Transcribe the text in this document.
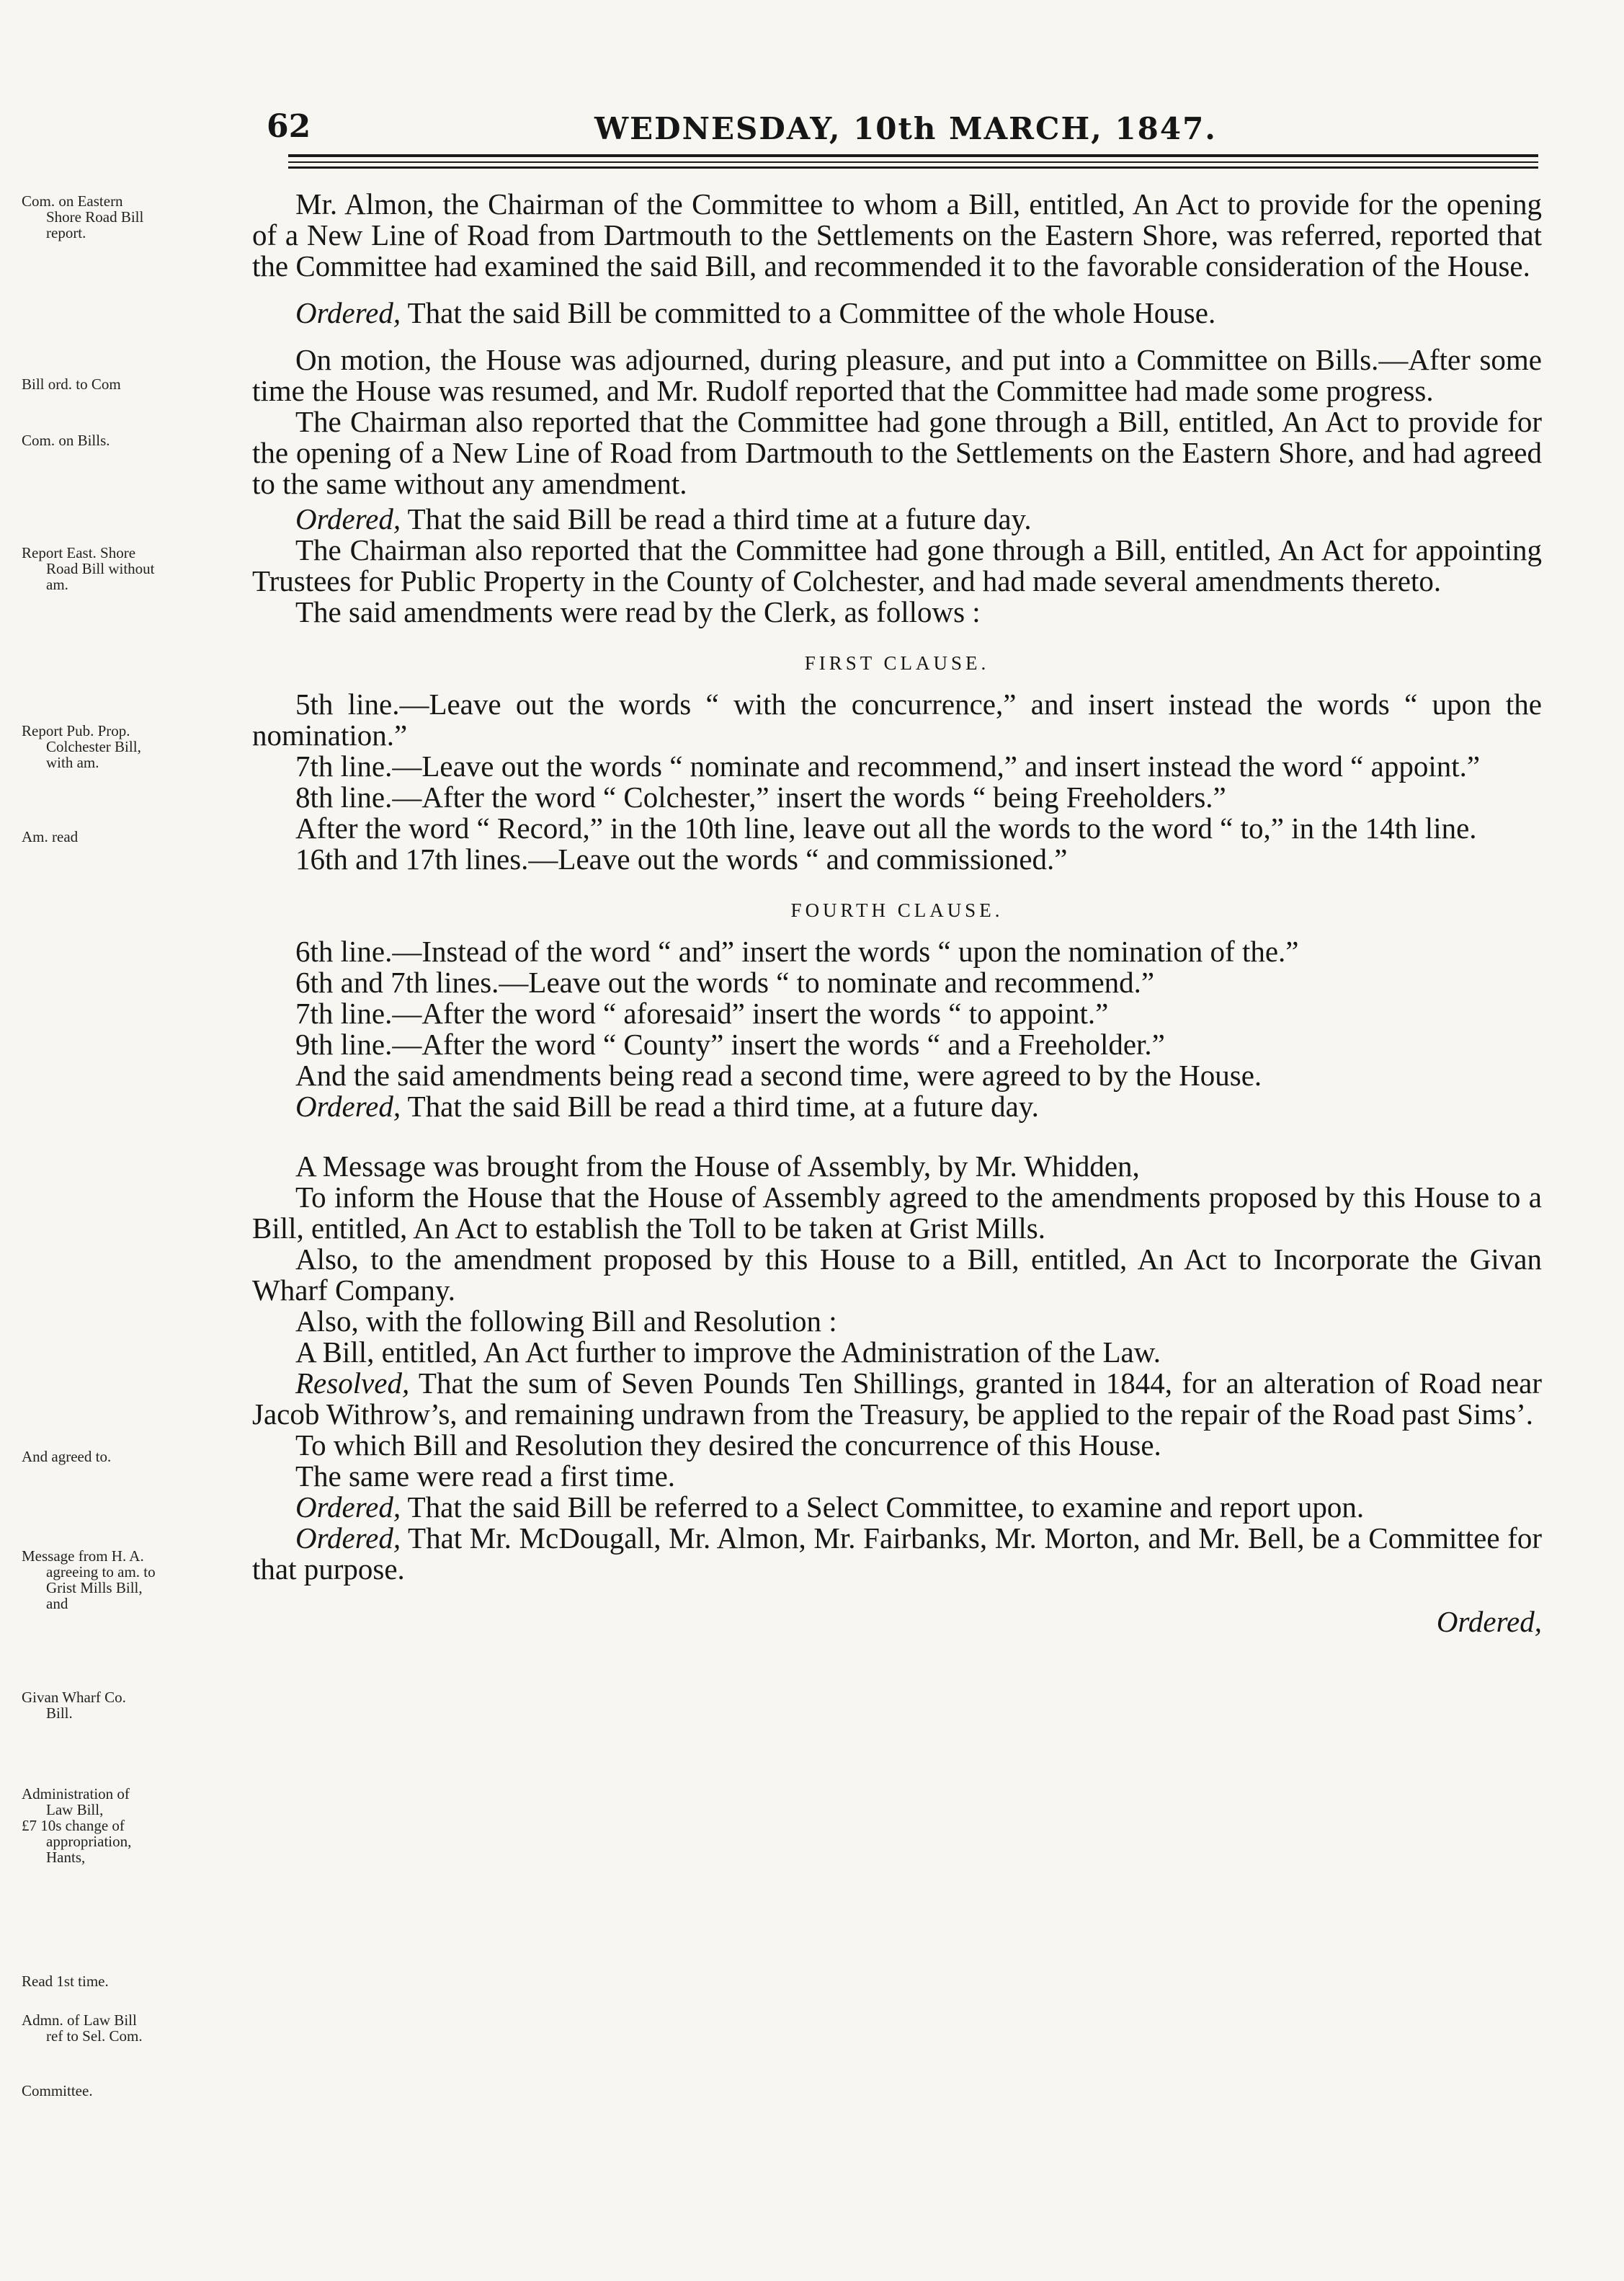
62	WEDNESDAY, 10th MARCH, 1847.
Com. on Eastern
Shore Road Bill
report.
Bill ord. to Com
Com. on Bills.
Report East. Shore
Road Bill without
am.
Report Pub. Prop.
Colchester Bill,
with am.
Am. read
And agreed to.
Message from H. A.
agreeing to am. to
Grist Mills Bill,
and
Givan Wharf Co.
Bill.
Administration of
Law Bill,
£7 10s change of
appropriation,
Hants,
Read 1st time.
Admn. of Law Bill
ref to Sel. Com.
Committee.

Mr. Almon, the Chairman of the Committee to whom a Bill, entitled, An Act to provide for the opening of a New Line of Road from Dartmouth to the Settlements on the Eastern Shore, was referred, reported that the Committee had examined the said Bill, and recommended it to the favorable consideration of the House.

Ordered, That the said Bill be committed to a Committee of the whole House.

On motion, the House was adjourned, during pleasure, and put into a Committee on Bills.—After some time the House was resumed, and Mr. Rudolf reported that the Committee had made some progress.

The Chairman also reported that the Committee had gone through a Bill, entitled, An Act to provide for the opening of a New Line of Road from Dartmouth to the Settlements on the Eastern Shore, and had agreed to the same without any amendment.

Ordered, That the said Bill be read a third time at a future day.

The Chairman also reported that the Committee had gone through a Bill, entitled, An Act for appointing Trustees for Public Property in the County of Colchester, and had made several amendments thereto.

The said amendments were read by the Clerk, as follows :

FIRST CLAUSE.

5th line.—Leave out the words “ with the concurrence,” and insert instead the words “ upon the nomination.”

7th line.—Leave out the words “ nominate and recommend,” and insert instead the word “ appoint.”

8th line.—After the word “ Colchester,” insert the words “ being Freeholders.”

After the word “ Record,” in the 10th line, leave out all the words to the word “ to,” in the 14th line.

16th and 17th lines.—Leave out the words “ and commissioned.”

FOURTH CLAUSE.

6th line.—Instead of the word “ and” insert the words “ upon the nomination of the.”

6th and 7th lines.—Leave out the words “ to nominate and recommend.”

7th line.—After the word “ aforesaid” insert the words “ to appoint.”

9th line.—After the word “ County” insert the words “ and a Freeholder.”

And the said amendments being read a second time, were agreed to by the House.

Ordered, That the said Bill be read a third time, at a future day.

A Message was brought from the House of Assembly, by Mr. Whidden,

To inform the House that the House of Assembly agreed to the amendments proposed by this House to a Bill, entitled, An Act to establish the Toll to be taken at Grist Mills.

Also, to the amendment proposed by this House to a Bill, entitled, An Act to Incorporate the Givan Wharf Company.

Also, with the following Bill and Resolution :

A Bill, entitled, An Act further to improve the Administration of the Law.

Resolved, That the sum of Seven Pounds Ten Shillings, granted in 1844, for an alteration of Road near Jacob Withrow’s, and remaining undrawn from the Treasury, be applied to the repair of the Road past Sims’.

To which Bill and Resolution they desired the concurrence of this House.

The same were read a first time.

Ordered, That the said Bill be referred to a Select Committee, to examine and report upon.

Ordered, That Mr. McDougall, Mr. Almon, Mr. Fairbanks, Mr. Morton, and Mr. Bell, be a Committee for that purpose.

Ordered,
